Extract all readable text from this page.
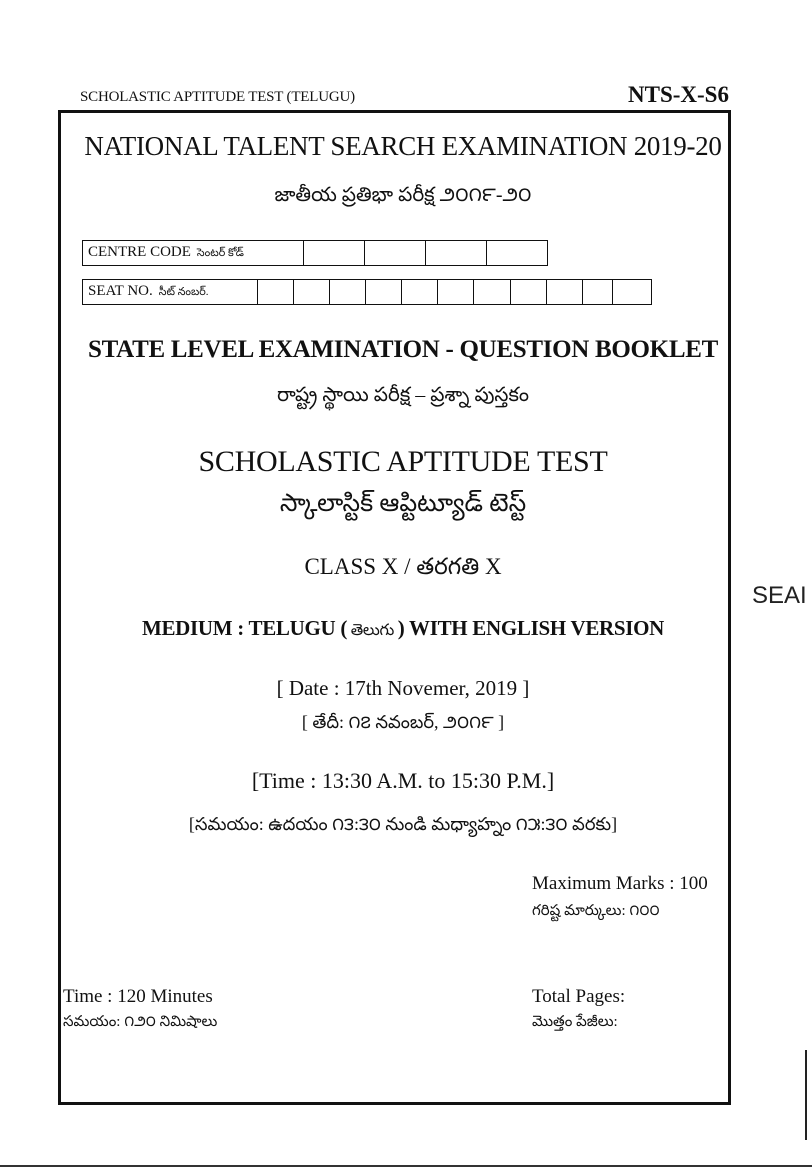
SCHOLASTIC APTITUDE TEST (TELUGU)	NTS-X-S6
NATIONAL TALENT SEARCH EXAMINATION 2019-20
జాతీయ ప్రతిభా పరీక్ష ౨౦౧౯-౨౦
CENTRE CODE సెంటర్ కోడ్
SEAT NO. సీట్ నంబర్.
STATE LEVEL EXAMINATION - QUESTION BOOKLET
రాష్ట్ర స్థాయి పరీక్ష – ప్రశ్నా పుస్తకం
SCHOLASTIC APTITUDE TEST
స్కాలాస్టిక్ ఆప్టిట్యూడ్ టెస్ట్
CLASS X / తరగతి X
MEDIUM : TELUGU ( తెలుగు ) WITH ENGLISH VERSION
[ Date : 17th Novemer, 2019 ]
[ తేదీ: ౧౭ నవంబర్, ౨౦౧౯ ]
[Time : 13:30 A.M. to 15:30 P.M.]
[సమయం: ఉదయం ౧౩:౩౦ నుండి మధ్యాహ్నం ౧౫:౩౦ వరకు]
Maximum Marks : 100
గరిష్ట మార్కులు: ౧౦౦
Time : 120 Minutes
సమయం: ౧౨౦ నిమిషాలు
Total Pages:
మొత్తం పేజీలు:
SEAI
